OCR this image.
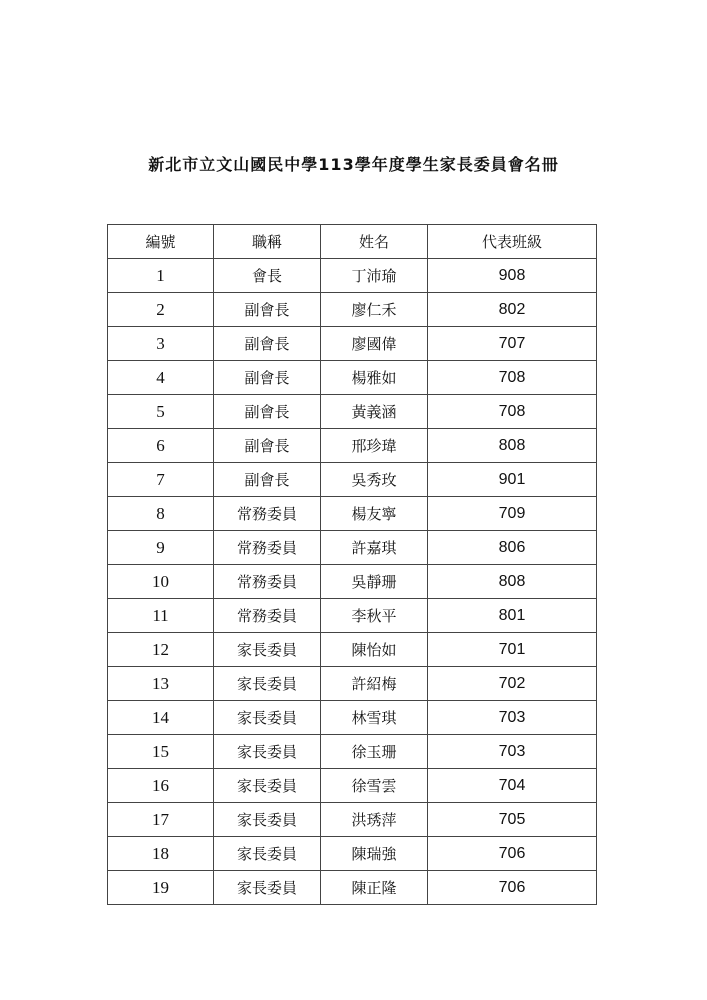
新北市立文山國民中學113學年度學生家長委員會名冊
編號	職稱	姓名	代表班級
1	會長	丁沛瑜	908
2	副會長	廖仁禾	802
3	副會長	廖國偉	707
4	副會長	楊雅如	708
5	副會長	黃義涵	708
6	副會長	邢珍瑋	808
7	副會長	吳秀玫	901
8	常務委員	楊友寧	709
9	常務委員	許嘉琪	806
10	常務委員	吳靜珊	808
11	常務委員	李秋平	801
12	家長委員	陳怡如	701
13	家長委員	許紹梅	702
14	家長委員	林雪琪	703
15	家長委員	徐玉珊	703
16	家長委員	徐雪雲	704
17	家長委員	洪琇萍	705
18	家長委員	陳瑞強	706
19	家長委員	陳正隆	706
